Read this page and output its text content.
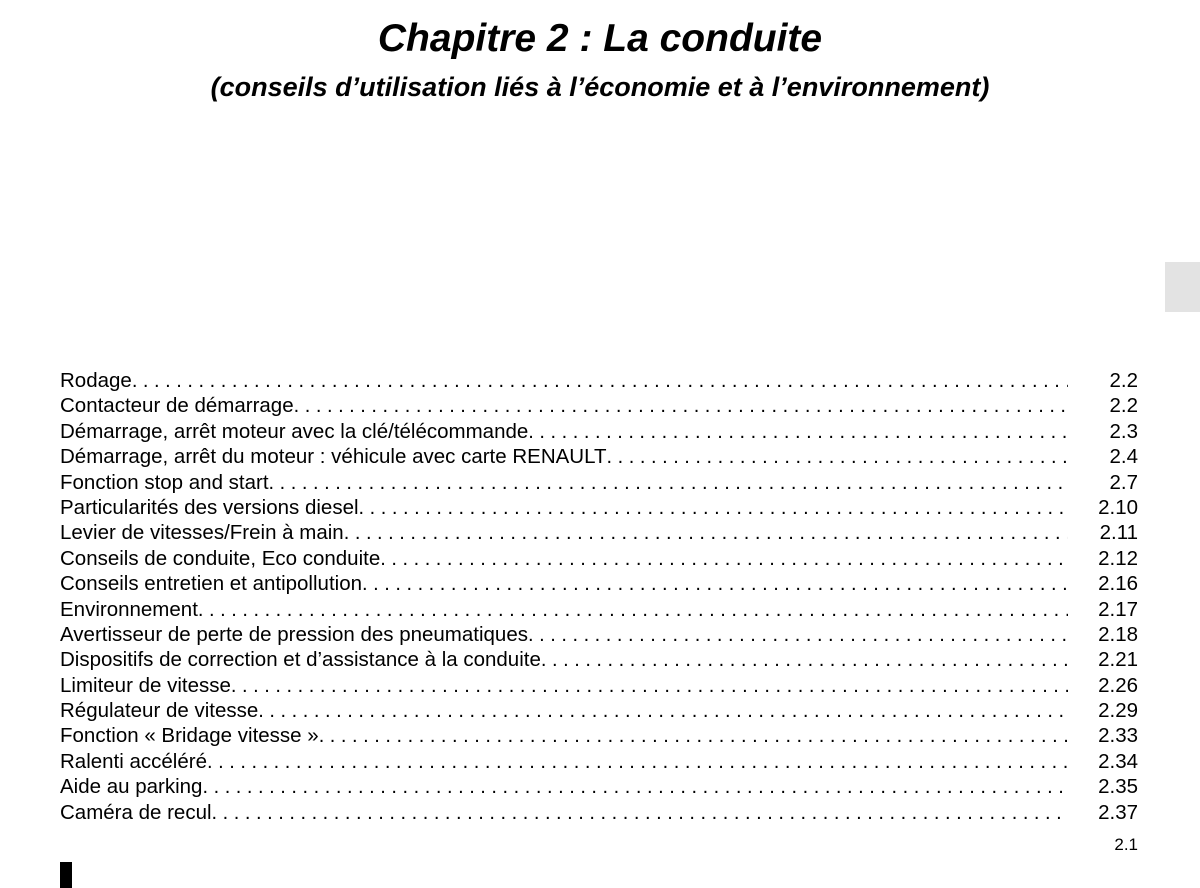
Chapitre 2 : La conduite
(conseils d’utilisation liés à l’économie et à l’environnement)
Rodage . . .	2.2
Contacteur de démarrage . . .	2.2
Démarrage, arrêt moteur avec la clé/télécommande . . .	2.3
Démarrage, arrêt du moteur : véhicule avec carte RENAULT . . .	2.4
Fonction stop and start . . .	2.7
Particularités des versions diesel . . .	2.10
Levier de vitesses/Frein à main . . .	2.11
Conseils de conduite, Eco conduite . . .	2.12
Conseils entretien et antipollution . . .	2.16
Environnement . . .	2.17
Avertisseur de perte de pression des pneumatiques . . .	2.18
Dispositifs de correction et d’assistance à la conduite . . .	2.21
Limiteur de vitesse . . .	2.26
Régulateur de vitesse . . .	2.29
Fonction « Bridage vitesse » . . .	2.33
Ralenti accéléré . . .	2.34
Aide au parking . . .	2.35
Caméra de recul . . .	2.37
2.1
